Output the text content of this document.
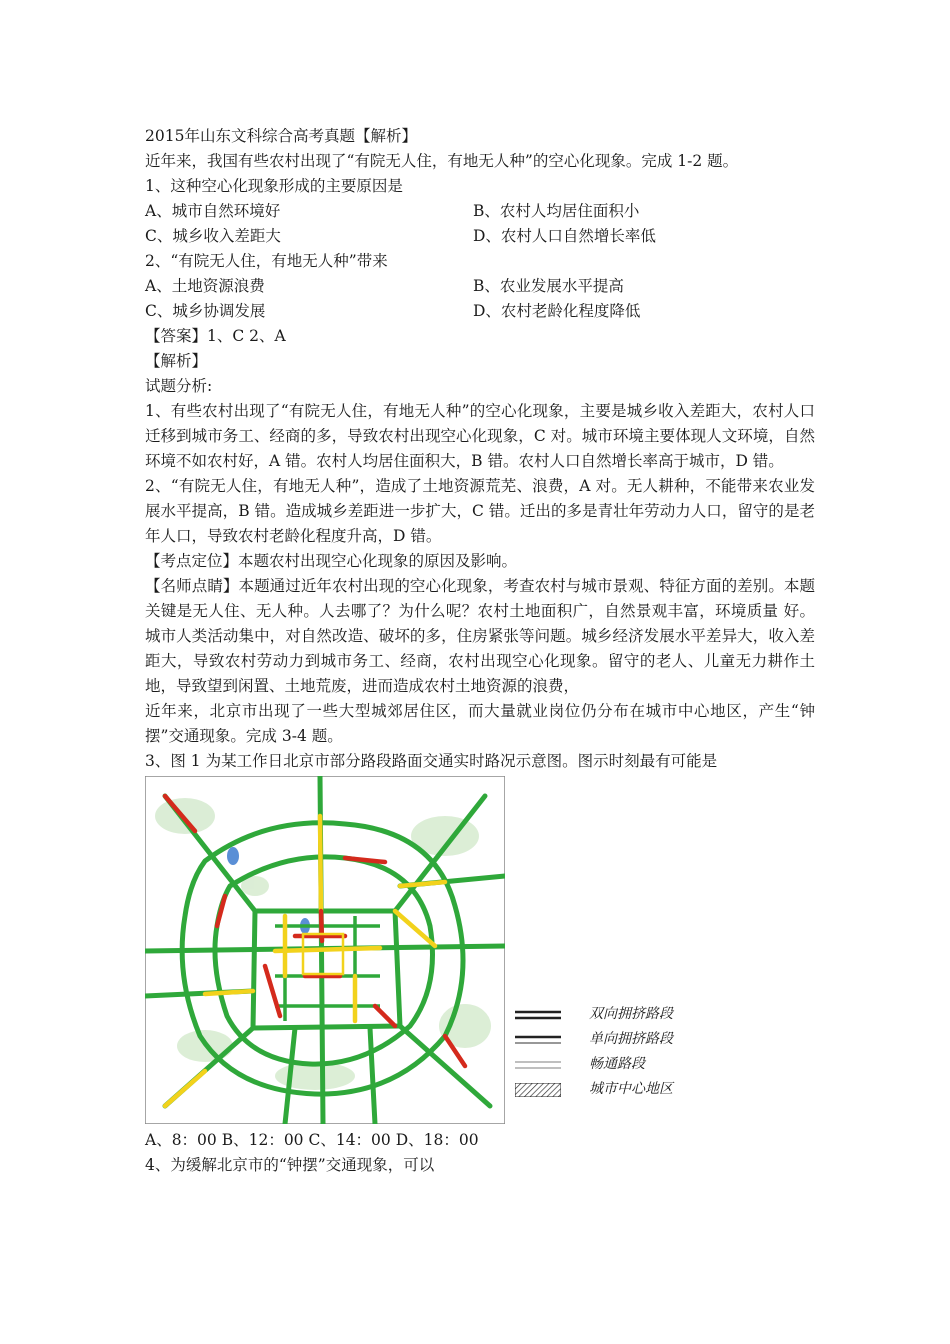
2015年山东文科综合高考真题【解析】
近年来，我国有些农村出现了“有院无人住，有地无人种”的空心化现象。完成 1-2 题。
1、这种空心化现象形成的主要原因是
A、城市自然环境好	B、农村人均居住面积小
C、城乡收入差距大	D、农村人口自然增长率低
2、“有院无人住，有地无人种”带来
A、土地资源浪费	B、农业发展水平提高
C、城乡协调发展	D、农村老龄化程度降低
【答案】1、C 2、A
【解析】
试题分析:
1、有些农村出现了“有院无人住，有地无人种”的空心化现象，主要是城乡收入差距大，农村人口迁移到城市务工、经商的多，导致农村出现空心化现象，C 对。城市环境主要体现人文环境，自然环境不如农村好，A 错。农村人均居住面积大，B 错。农村人口自然增长率高于城市，D 错。
2、“有院无人住，有地无人种”，造成了土地资源荒芜、浪费，A 对。无人耕种，不能带来农业发展水平提高，B 错。造成城乡差距进一步扩大，C 错。迁出的多是青壮年劳动力人口，留守的是老年人口，导致农村老龄化程度升高，D 错。
【考点定位】本题农村出现空心化现象的原因及影响。
【名师点睛】本题通过近年农村出现的空心化现象，考查农村与城市景观、特征方面的差别。本题关键是无人住、无人种。人去哪了？为什么呢？农村土地面积广，自然景观丰富，环境质量 好。城市人类活动集中，对自然改造、破坏的多，住房紧张等问题。城乡经济发展水平差异大，收入差距大，导致农村劳动力到城市务工、经商，农村出现空心化现象。留守的老人、儿童无力耕作土地，导致望到闲置、土地荒废，进而造成农村土地资源的浪费，
近年来，北京市出现了一些大型城郊居住区，而大量就业岗位仍分布在城市中心地区，产生“钟摆”交通现象。完成 3-4 题。
3、图 1 为某工作日北京市部分路段路面交通实时路况示意图。图示时刻最有可能是
双向拥挤路段
单向拥挤路段
畅通路段
城市中心地区
A、8：00 B、12：00 C、14：00 D、18：00
4、为缓解北京市的“钟摆”交通现象，可以
